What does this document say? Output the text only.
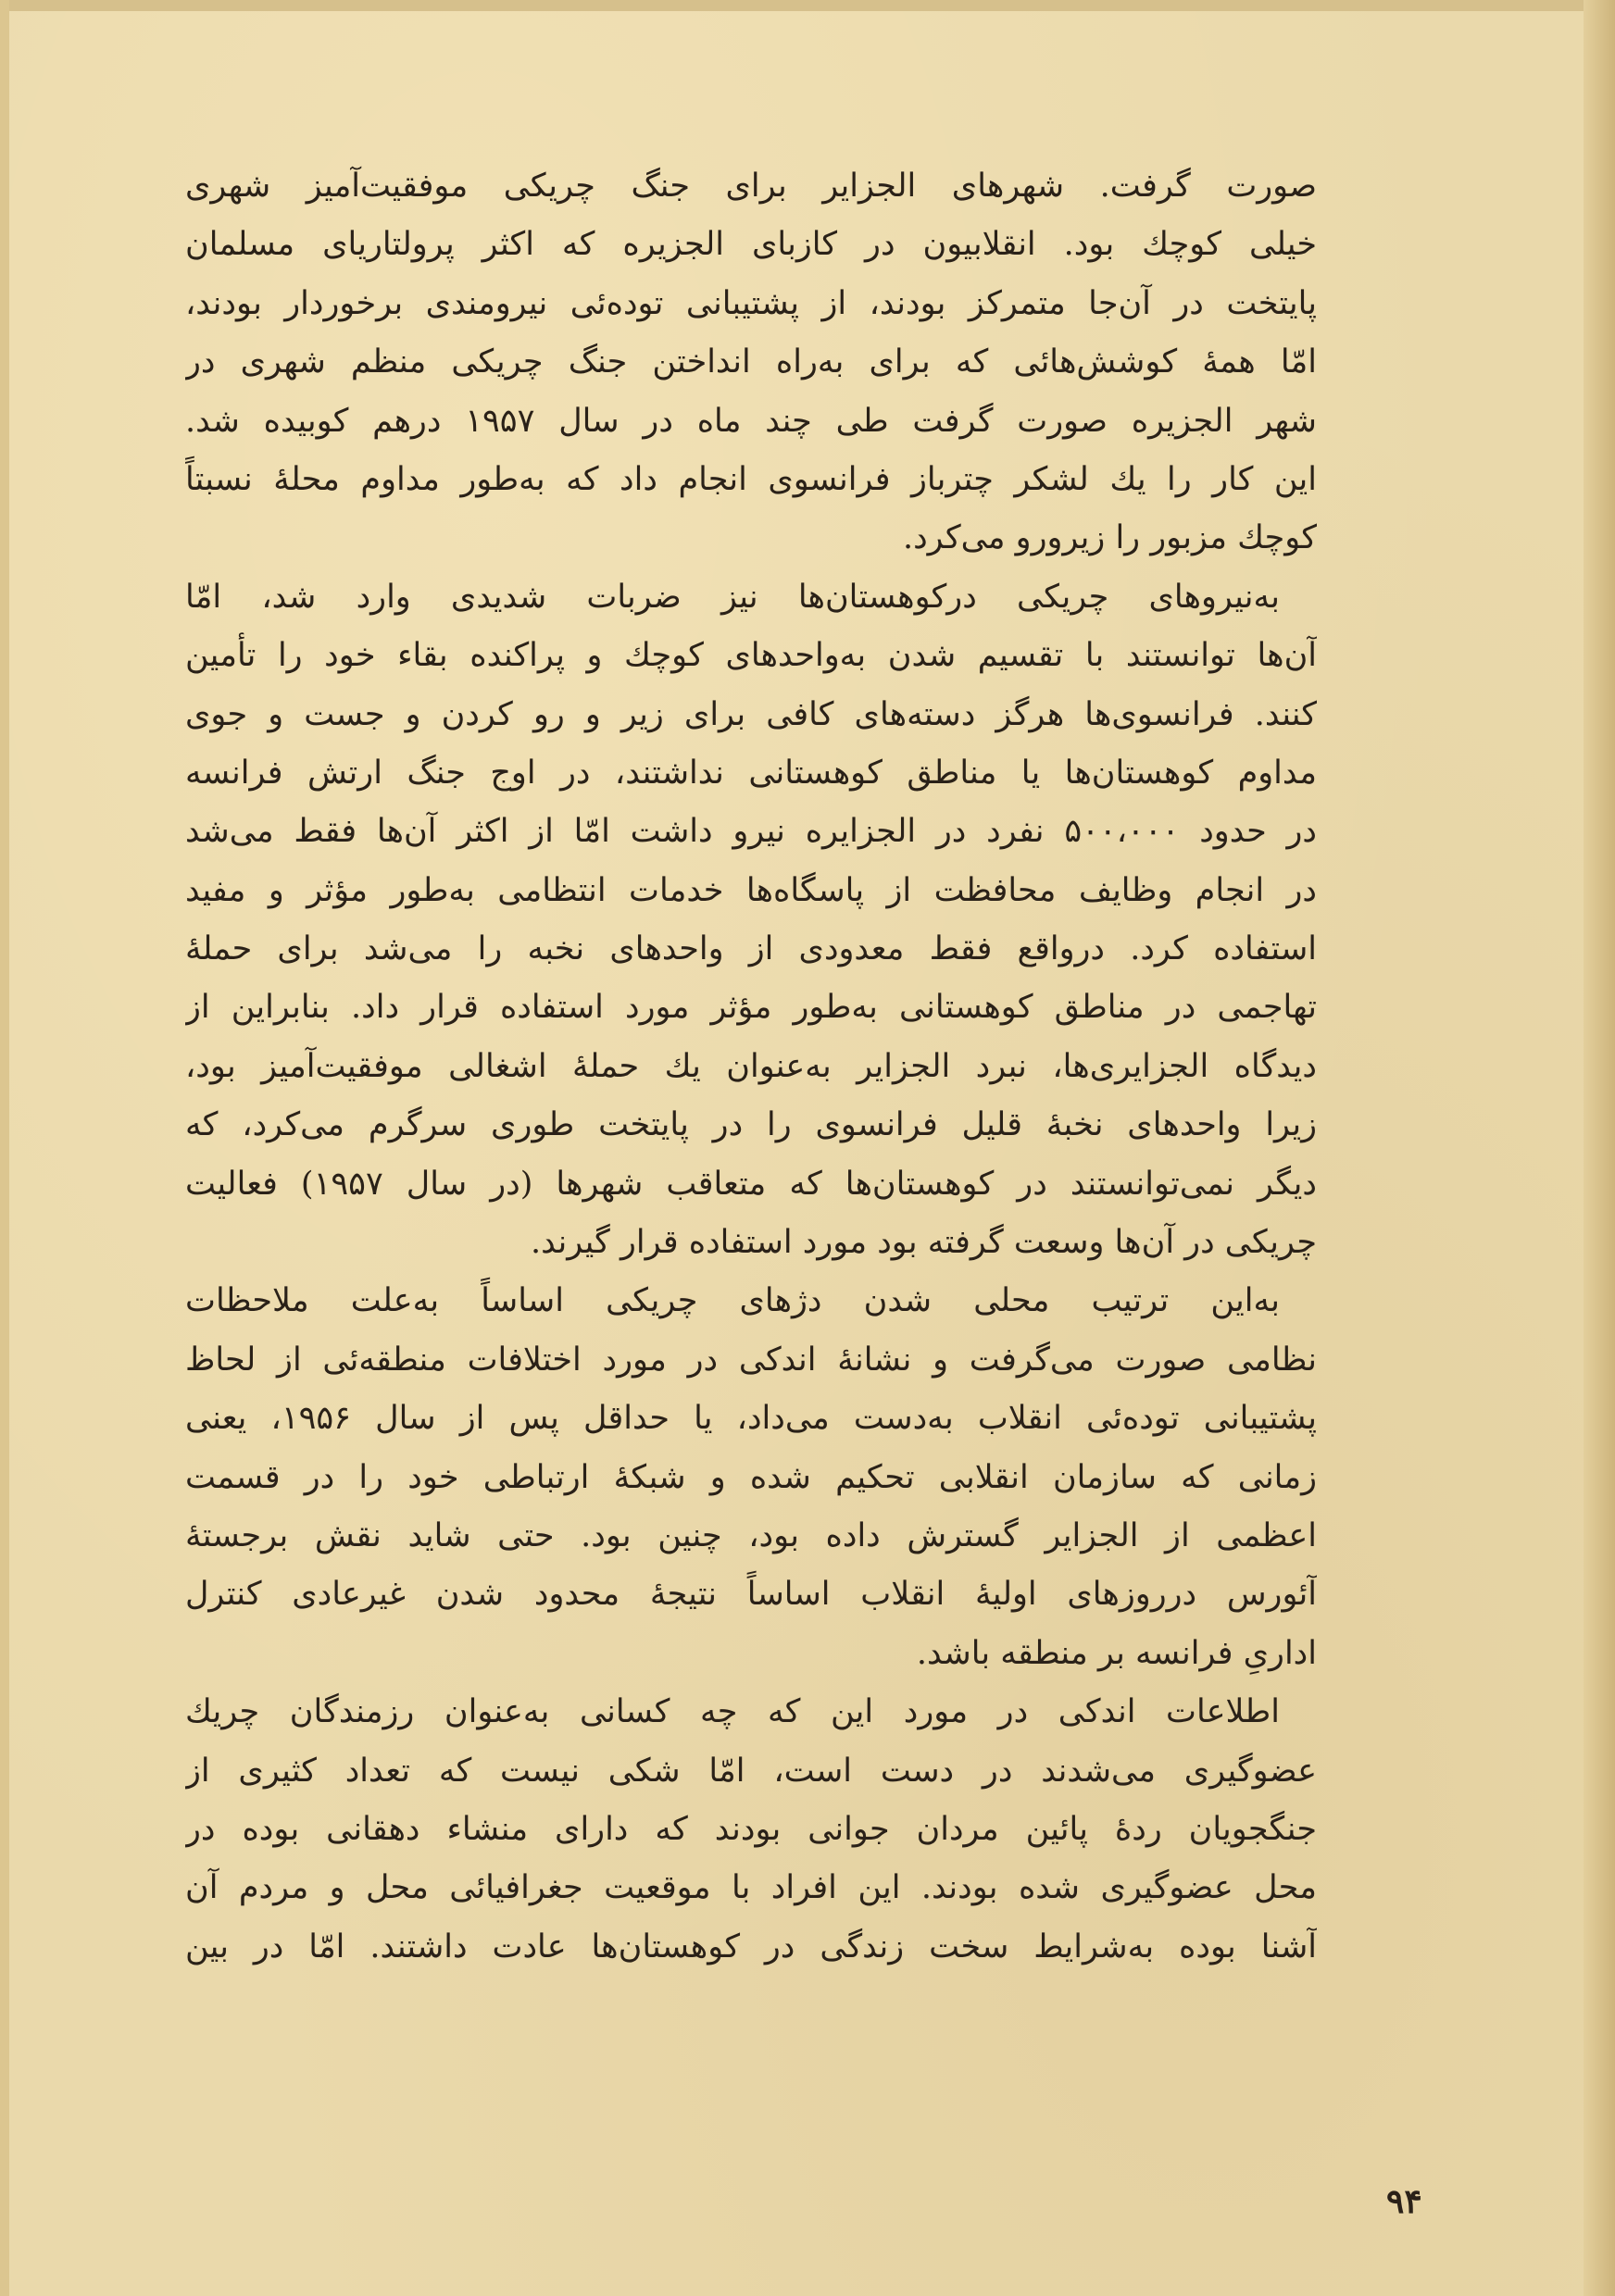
صورت گرفت. شهرهای الجزایر برای جنگ چریکی موفقیت‌آمیز شهری
خیلی کوچك بود. انقلابیون در کازبای الجزیره که اکثر پرولتاریای مسلمان
پایتخت در آن‌جا متمرکز بودند، از پشتیبانی توده‌ئی نیرومندی برخوردار بودند،
امّا همهٔ کوشش‌هائی که برای به‌راه انداختن جنگ چریکی منظم شهری در
شهر الجزیره صورت گرفت طی چند ماه در سال ۱۹۵۷ درهم کوبیده شد.
این کار را یك لشکر چترباز فرانسوی انجام داد که به‌طور مداوم محلهٔ نسبتاً
کوچك مزبور را زیرورو می‌کرد.
به‌نیروهای چریکی درکوهستان‌ها نیز ضربات شدیدی وارد شد، امّا
آن‌ها توانستند با تقسیم شدن به‌واحدهای کوچك و پراکنده بقاء خود را تأمین
کنند. فرانسوی‌ها هرگز دسته‌های کافی برای زیر و رو کردن و جست و جوی
مداوم کوهستان‌ها یا مناطق کوهستانی نداشتند، در اوج جنگ ارتش فرانسه
در حدود ۵۰۰،۰۰۰ نفرد در الجزایره نیرو داشت امّا از اکثر آن‌ها فقط می‌شد
در انجام وظایف محافظت از پاسگاه‌ها خدمات انتظامی به‌طور مؤثر و مفید
استفاده کرد. درواقع فقط معدودی از واحدهای نخبه را می‌شد برای حملهٔ
تهاجمی در مناطق کوهستانی به‌طور مؤثر مورد استفاده قرار داد. بنابراین از
دیدگاه الجزایری‌ها، نبرد الجزایر به‌عنوان یك حملهٔ اشغالی موفقیت‌آمیز بود،
زیرا واحدهای نخبهٔ قلیل فرانسوی را در پایتخت طوری سرگرم می‌کرد، که
دیگر نمی‌توانستند در کوهستان‌ها که متعاقب شهرها (در سال ۱۹۵۷) فعالیت
چریکی در آن‌ها وسعت گرفته بود مورد استفاده قرار گیرند.
به‌این ترتیب محلی شدن دژهای چریکی اساساً به‌علت ملاحظات
نظامی صورت می‌گرفت و نشانهٔ اندکی در مورد اختلافات منطقه‌ئی از لحاظ
پشتیبانی توده‌ئی انقلاب به‌دست می‌داد، یا حداقل پس از سال ۱۹۵۶، یعنی
زمانی که سازمان انقلابی تحکیم شده و شبکهٔ ارتباطی خود را در قسمت
اعظمی از الجزایر گسترش داده بود، چنین بود. حتی شاید نقش برجستهٔ
آئورس درروزهای اولیهٔ انقلاب اساساً نتیجهٔ محدود شدن غیرعادی کنترل
اداریِ فرانسه بر منطقه باشد.
اطلاعات اندکی در مورد این که چه کسانی به‌عنوان رزمندگان چریك
عضوگیری می‌شدند در دست است، امّا شکی نیست که تعداد کثیری از
جنگجویان ردهٔ پائین مردان جوانی بودند که دارای منشاء دهقانی بوده در
محل عضوگیری شده بودند. این افراد با موقعیت جغرافیائی محل و مردم آن
آشنا بوده به‌شرایط سخت زندگی در کوهستان‌ها عادت داشتند. امّا در بین
۹۴
